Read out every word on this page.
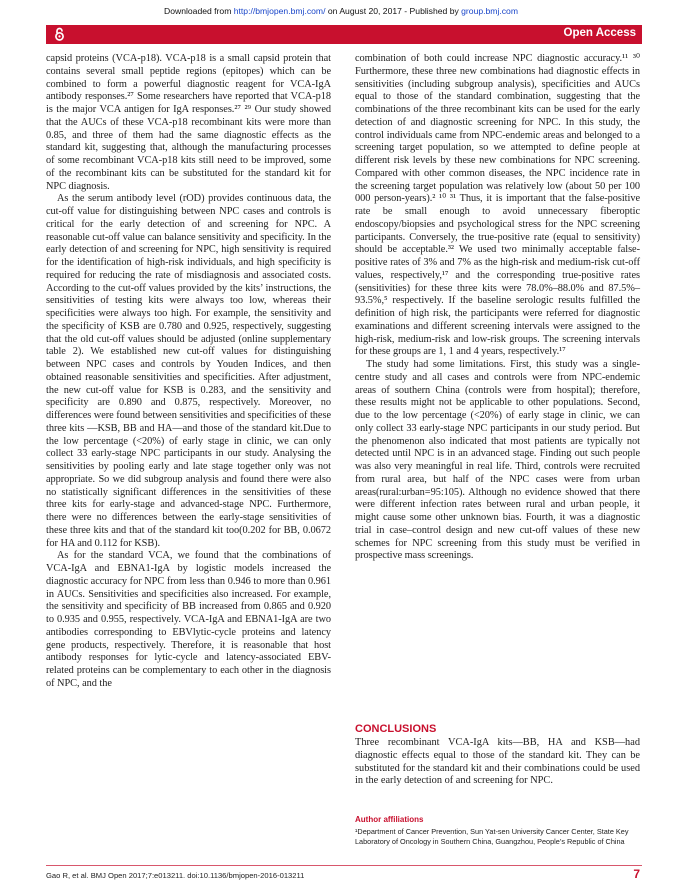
Downloaded from http://bmjopen.bmj.com/ on August 20, 2017 - Published by group.bmj.com
Open Access

capsid proteins (VCA-p18). VCA-p18 is a small capsid protein that contains several small peptide regions (epitopes) which can be combined to form a powerful diagnostic reagent for VCA-IgA antibody responses.²⁷ Some researchers have reported that VCA-p18 is the major VCA antigen for IgA responses.²⁷ ²⁹ Our study showed that the AUCs of these VCA-p18 recombinant kits were more than 0.85, and three of them had the same diagnostic effects as the standard kit, suggesting that, although the manufacturing processes of some recombinant VCA-p18 kits still need to be improved, some of the recombinant kits can be substituted for the standard kit for NPC diagnosis.

As the serum antibody level (rOD) provides continuous data, the cut-off value for distinguishing between NPC cases and controls is critical for the early detection of and screening for NPC. A reasonable cut-off value can balance sensitivity and specificity. In the early detection of and screening for NPC, high sensitivity is required for the identification of high-risk individuals, and high specificity is required for reducing the rate of misdiagnosis and associated costs. According to the cut-off values provided by the kits’ instructions, the sensitivities of testing kits were always too low, whereas their specificities were always too high. For example, the sensitivity and the specificity of KSB are 0.780 and 0.925, respectively, suggesting that the old cut-off values should be adjusted (online supplementary table 2). We established new cut-off values for distinguishing between NPC cases and controls by Youden Indices, and then obtained reasonable sensitivities and specificities. After adjustment, the new cut-off value for KSB is 0.283, and the sensitivity and specificity are 0.890 and 0.875, respectively. Moreover, no differences were found between sensitivities and specificities of these three kits —KSB, BB and HA—and those of the standard kit.Due to the low percentage (<20%) of early stage in clinic, we can only collect 33 early-stage NPC participants in our study. Analysing the sensitivities by pooling early and late stage together only was not appropriate. So we did subgroup analysis and found there were also no statistically significant differences in the sensitivities of these three kits for early-stage and advanced-stage NPC. Furthermore, there were no differences between the early-stage sensitivities of these three kits and that of the standard kit too(0.202 for BB, 0.0672 for HA and 0.112 for KSB).

As for the standard VCA, we found that the combinations of VCA-IgA and EBNA1-IgA by logistic models increased the diagnostic accuracy for NPC from less than 0.946 to more than 0.961 in AUCs. Sensitivities and specificities also increased. For example, the sensitivity and specificity of BB increased from 0.865 and 0.920 to 0.935 and 0.955, respectively. VCA-IgA and EBNA1-IgA are two antibodies corresponding to EBVlytic-cycle proteins and latency gene products, respectively. Therefore, it is reasonable that host antibody responses for lytic-cycle and latency-associated EBV-related proteins can be complementary to each other in the diagnosis of NPC, and the

combination of both could increase NPC diagnostic accuracy.¹¹ ³⁰ Furthermore, these three new combinations had diagnostic effects in sensitivities (including subgroup analysis), specificities and AUCs equal to those of the standard combination, suggesting that the combinations of the three recombinant kits can be used for the early detection of and diagnostic screening for NPC. In this study, the control individuals came from NPC-endemic areas and belonged to a screening target population, so we attempted to define people at different risk levels by these new combinations for NPC screening. Compared with other common diseases, the NPC incidence rate in the screening target population was relatively low (about 50 per 100 000 person-years).² ¹⁰ ³¹ Thus, it is important that the false-positive rate be small enough to avoid unnecessary fiberoptic endoscopy/biopsies and psychological stress for the NPC screening participants. Conversely, the true-positive rate (equal to sensitivity) should be acceptable.³² We used two minimally acceptable false-positive rates of 3% and 7% as the high-risk and medium-risk cut-off values, respectively,¹⁷ and the corresponding true-positive rates (sensitivities) for these three kits were 78.0%–88.0% and 87.5%–93.5%,⁵ respectively. If the baseline serologic results fulfilled the definition of high risk, the participants were referred for diagnostic examinations and different screening intervals were assigned to the high-risk, medium-risk and low-risk groups. The screening intervals for these groups are 1, 1 and 4 years, respectively.¹⁷

The study had some limitations. First, this study was a single-centre study and all cases and controls were from NPC-endemic areas of southern China (controls were from hospital); therefore, these results might not be applicable to other populations. Second, due to the low percentage (<20%) of early stage in clinic, we can only collect 33 early-stage NPC participants in our study period. But the phenomenon also indicated that most patients are typically not detected until NPC is in an advanced stage. Finding out such people was also very meaningful in real life. Third, controls were recruited from rural area, but half of the NPC cases were from urban areas(rural:urban=95:105). Although no evidence showed that there were different infection rates between rural and urban people, it might cause some other unknown bias. Fourth, it was a diagnostic trial in case–control design and new cut-off values of these new schemes for NPC screening from this study must be verified in prospective mass screenings.

CONCLUSIONS

Three recombinant VCA-IgA kits—BB, HA and KSB—had diagnostic effects equal to those of the standard kit. They can be substituted for the standard kit and their combinations could be used in the early detection of and screening for NPC.

Author affiliations

¹Department of Cancer Prevention, Sun Yat-sen University Cancer Center, State Key Laboratory of Oncology in Southern China, Guangzhou, People’s Republic of China

Gao R, et al. BMJ Open 2017;7:e013211. doi:10.1136/bmjopen-2016-013211	7
